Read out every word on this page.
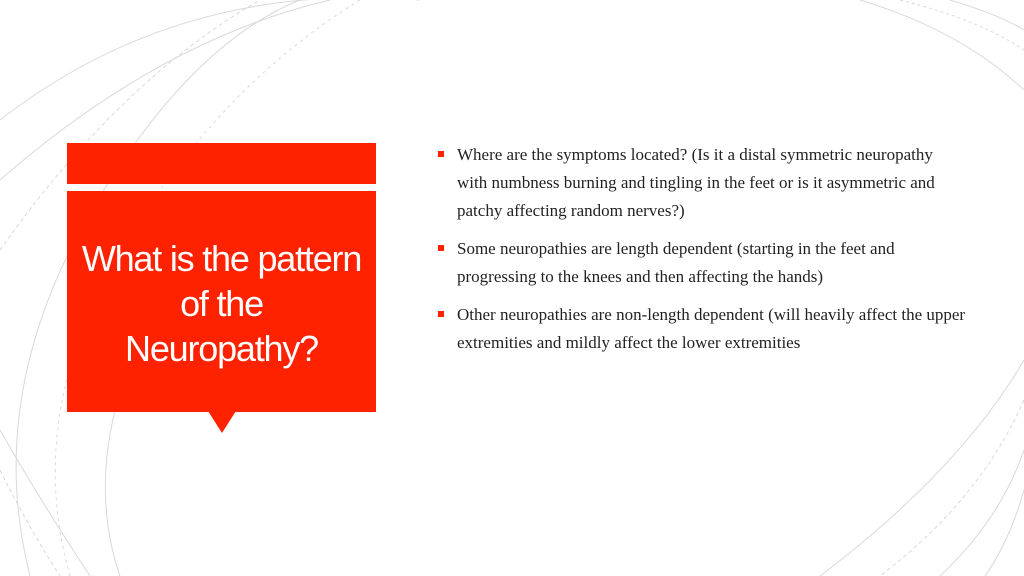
What is the pattern of the Neuropathy?
Where are the symptoms located? (Is it a distal symmetric neuropathy with numbness burning and tingling in the feet or is it asymmetric and patchy affecting random nerves?)
Some neuropathies are length dependent (starting in the feet and progressing to the knees and then affecting the hands)
Other neuropathies are non-length dependent (will heavily affect the upper extremities and mildly affect the lower extremities
